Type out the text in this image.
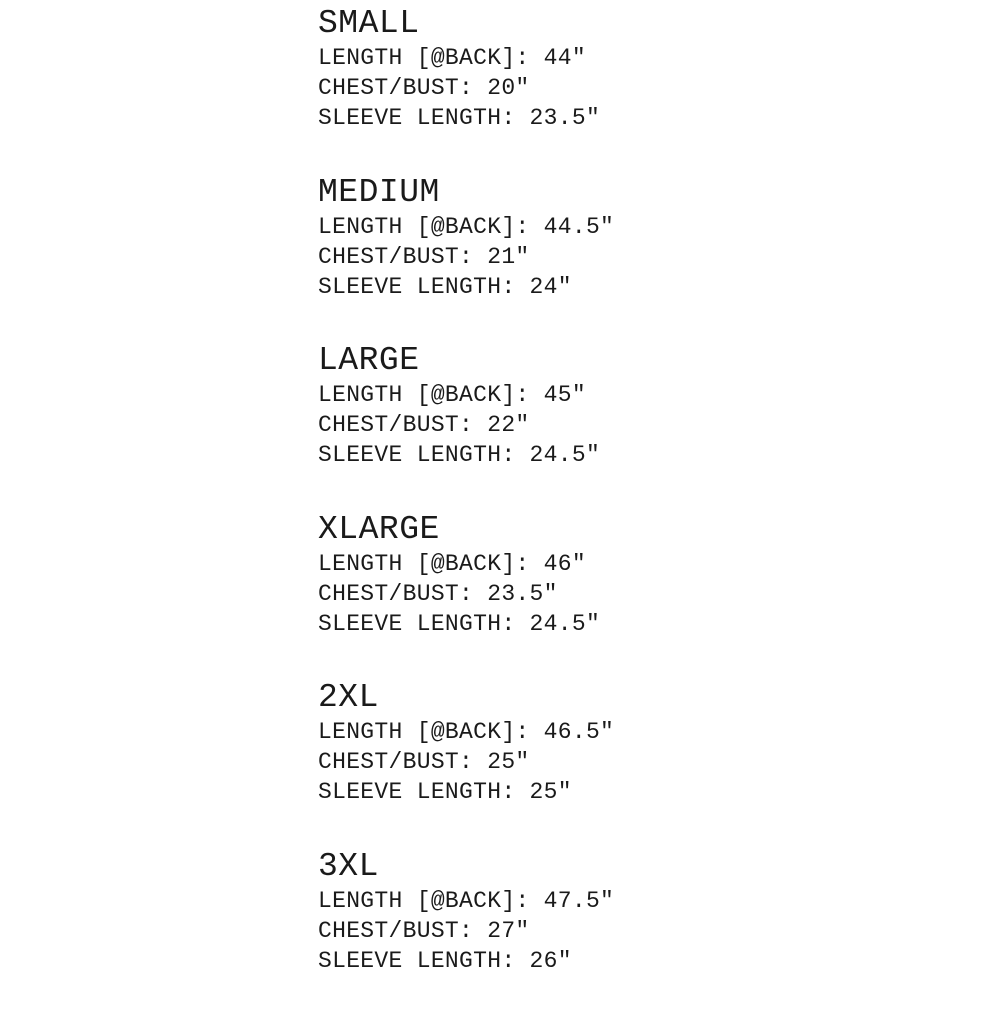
SMALL
LENGTH [@BACK]: 44″
CHEST/BUST: 20″
SLEEVE LENGTH: 23.5″
MEDIUM
LENGTH [@BACK]: 44.5″
CHEST/BUST: 21″
SLEEVE LENGTH: 24″
LARGE
LENGTH [@BACK]: 45″
CHEST/BUST: 22″
SLEEVE LENGTH: 24.5″
XLARGE
LENGTH [@BACK]: 46″
CHEST/BUST: 23.5″
SLEEVE LENGTH: 24.5″
2XL
LENGTH [@BACK]: 46.5″
CHEST/BUST: 25″
SLEEVE LENGTH: 25″
3XL
LENGTH [@BACK]: 47.5″
CHEST/BUST: 27"
SLEEVE LENGTH: 26″
